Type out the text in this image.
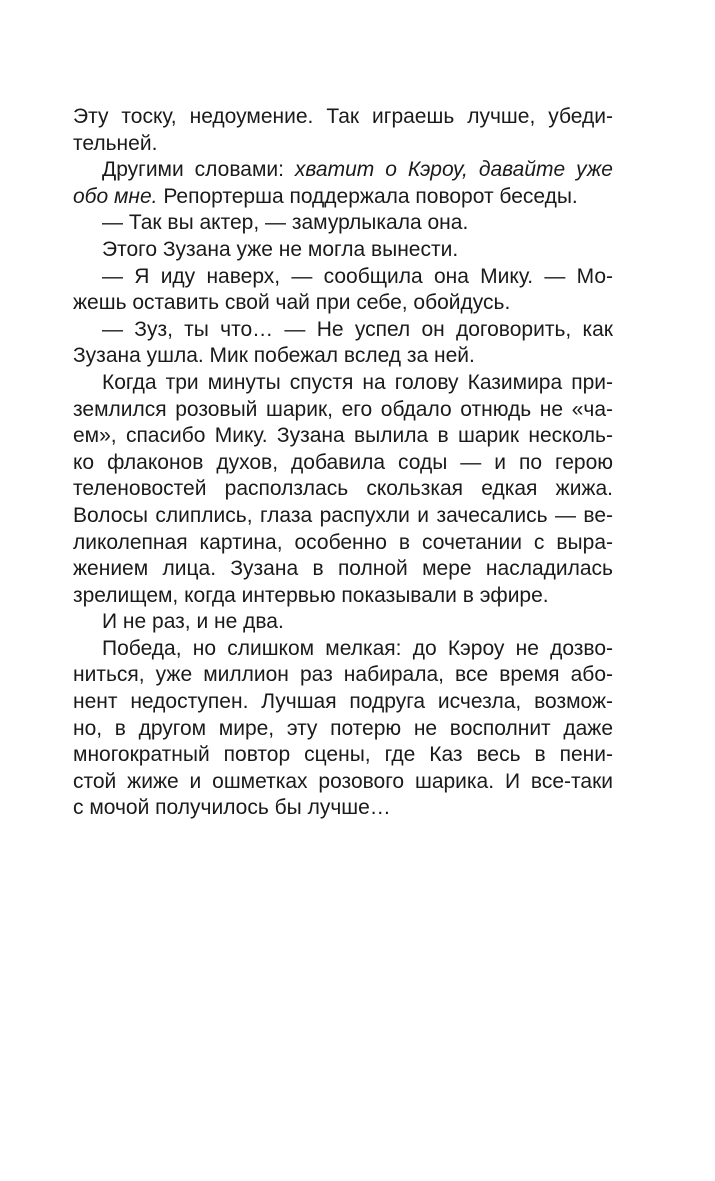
Эту тоску, недоумение. Так играешь лучше, убеди-
тельней.
Другими словами: хватит о Кэроу, давайте уже
обо мне. Репортерша поддержала поворот беседы.
— Так вы актер, — замурлыкала она.
Этого Зузана уже не могла вынести.
— Я иду наверх, — сообщила она Мику. — Мо-
жешь оставить свой чай при себе, обойдусь.
— Зуз, ты что… — Не успел он договорить, как
Зузана ушла. Мик побежал вслед за ней.
Когда три минуты спустя на голову Казимира при-
землился розовый шарик, его обдало отнюдь не «ча-
ем», спасибо Мику. Зузана вылила в шарик несколь-
ко флаконов духов, добавила соды — и по герою
теленовостей расползлась скользкая едкая жижа.
Волосы слиплись, глаза распухли и зачесались — ве-
ликолепная картина, особенно в сочетании с выра-
жением лица. Зузана в полной мере насладилась
зрелищем, когда интервью показывали в эфире.
И не раз, и не два.
Победа, но слишком мелкая: до Кэроу не дозво-
ниться, уже миллион раз набирала, все время або-
нент недоступен. Лучшая подруга исчезла, возмож-
но, в другом мире, эту потерю не восполнит даже
многократный повтор сцены, где Каз весь в пени-
стой жиже и ошметках розового шарика. И все-таки
с мочой получилось бы лучше…
